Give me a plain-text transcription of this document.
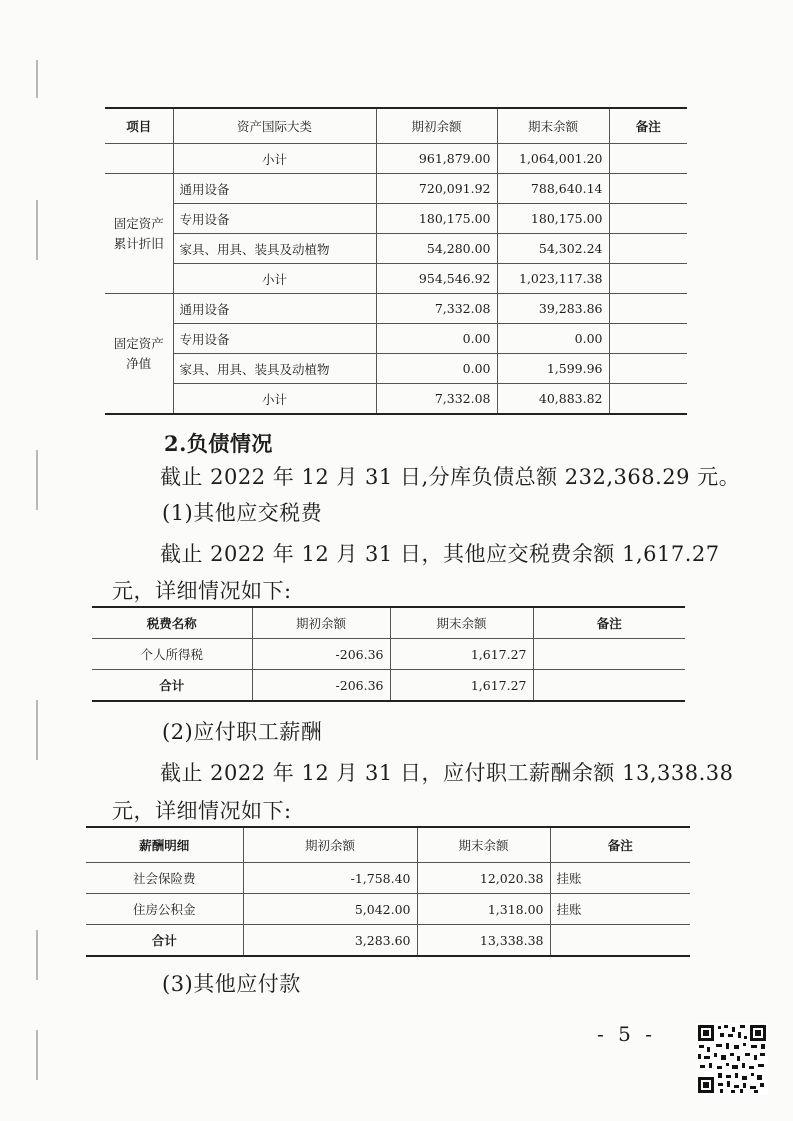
项目	资产国际大类	期初余额	期末余额	备注
	小计	961,879.00	1,064,001.20	
固定资产累计折旧	通用设备	720,091.92	788,640.14	
	专用设备	180,175.00	180,175.00	
	家具、用具、装具及动植物	54,280.00	54,302.24	
	小计	954,546.92	1,023,117.38	
固定资产净值	通用设备	7,332.08	39,283.86	
	专用设备	0.00	0.00	
	家具、用具、装具及动植物	0.00	1,599.96	
	小计	7,332.08	40,883.82	
2.负债情况
截止 2022 年 12 月 31 日,分库负债总额 232,368.29 元。
(1)其他应交税费
截止 2022 年 12 月 31 日，其他应交税费余额 1,617.27
元，详细情况如下:
税费名称	期初余额	期末余额	备注
个人所得税	-206.36	1,617.27	
合计	-206.36	1,617.27	
(2)应付职工薪酬
截止 2022 年 12 月 31 日，应付职工薪酬余额 13,338.38
元，详细情况如下:
薪酬明细	期初余额	期末余额	备注
社会保险费	-1,758.40	12,020.38	挂账
住房公积金	5,042.00	1,318.00	挂账
合计	3,283.60	13,338.38	
(3)其他应付款
- 5 -
